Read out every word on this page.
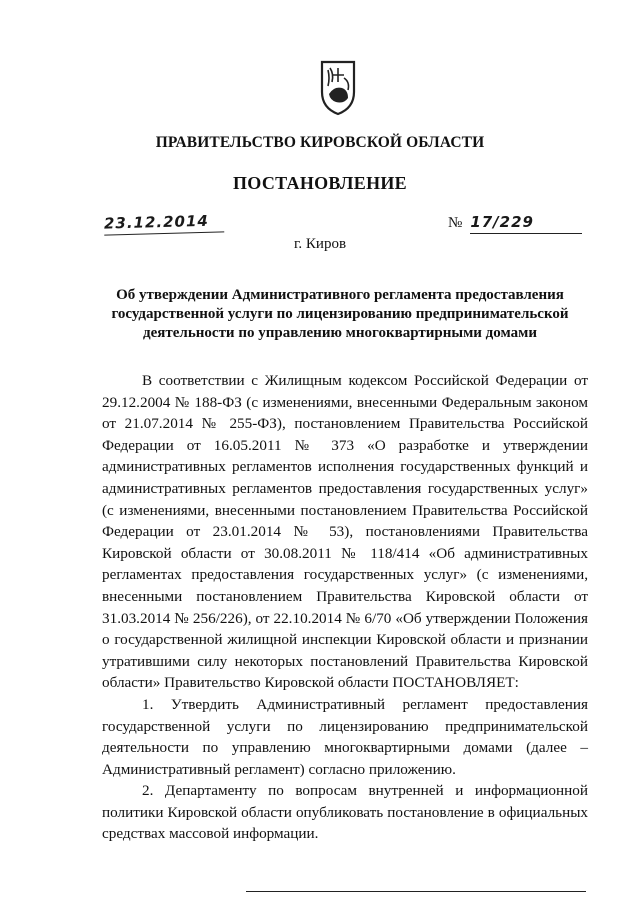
ПРАВИТЕЛЬСТВО КИРОВСКОЙ ОБЛАСТИ
ПОСТАНОВЛЕНИЕ
23.12.2014	№ 17/229
г. Киров
Об утверждении Административного регламента предоставления государственной услуги по лицензированию предпринимательской деятельности по управлению многоквартирными домами

В соответствии с Жилищным кодексом Российской Федерации от 29.12.2004 № 188-ФЗ (с изменениями, внесенными Федеральным законом от 21.07.2014 № 255-ФЗ), постановлением Правительства Российской Федерации от 16.05.2011 № 373 «О разработке и утверждении административных регламентов исполнения государственных функций и административных регламентов предоставления государственных услуг» (с изменениями, внесенными постановлением Правительства Российской Федерации от 23.01.2014 № 53), постановлениями Правительства Кировской области от 30.08.2011 № 118/414 «Об административных регламентах предоставления государственных услуг» (с изменениями, внесенными постановлением Правительства Кировской области от 31.03.2014 № 256/226), от 22.10.2014 № 6/70 «Об утверждении Положения о государственной жилищной инспекции Кировской области и признании утратившими силу некоторых постановлений Правительства Кировской области» Правительство Кировской области ПОСТАНОВЛЯЕТ:

1. Утвердить Административный регламент предоставления государственной услуги по лицензированию предпринимательской деятельности по управлению многоквартирными домами (далее – Административный регламент) согласно приложению.

2. Департаменту по вопросам внутренней и информационной политики Кировской области опубликовать постановление в официальных средствах массовой информации.
